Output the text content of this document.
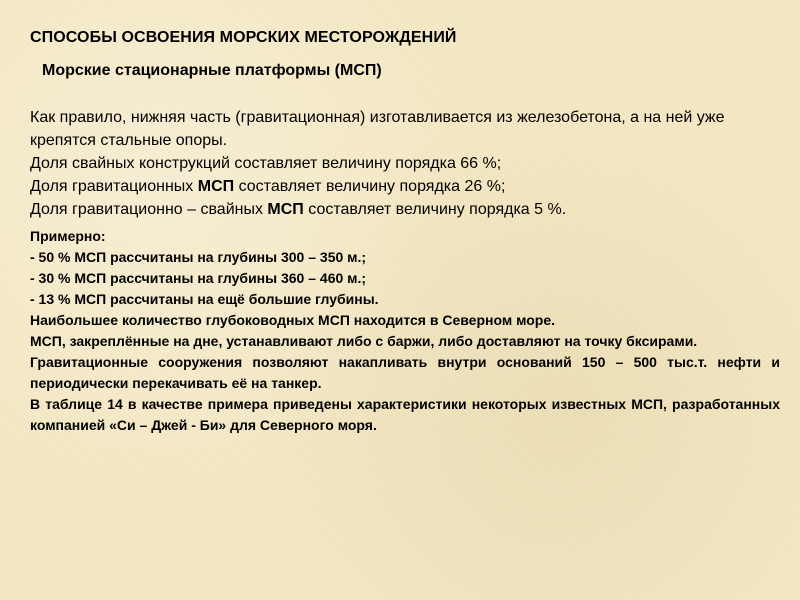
СПОСОБЫ ОСВОЕНИЯ МОРСКИХ МЕСТОРОЖДЕНИЙ
Морские стационарные платформы (МСП)

Как правило, нижняя часть (гравитационная) изготавливается из железобетона, а на ней уже крепятся стальные опоры.

Доля свайных конструкций составляет величину порядка 66 %;

Доля гравитационных МСП составляет величину порядка 26 %;

Доля гравитационно – свайных МСП составляет величину порядка 5 %.

Примерно:

- 50 % МСП рассчитаны на глубины 300 – 350 м.;

- 30 % МСП рассчитаны на глубины 360 – 460 м.;

- 13 % МСП рассчитаны на ещё большие глубины.

Наибольшее количество глубоководных МСП находится в Северном море.

МСП, закреплённые на дне, устанавливают либо с баржи, либо доставляют на точку бксирами.

Гравитационные сооружения позволяют накапливать внутри оснований 150 – 500 тыс.т. нефти и периодически перекачивать её на танкер.

В таблице 14 в качестве примера приведены характеристики некоторых известных МСП, разработанных компанией «Си – Джей - Би» для Северного моря.
